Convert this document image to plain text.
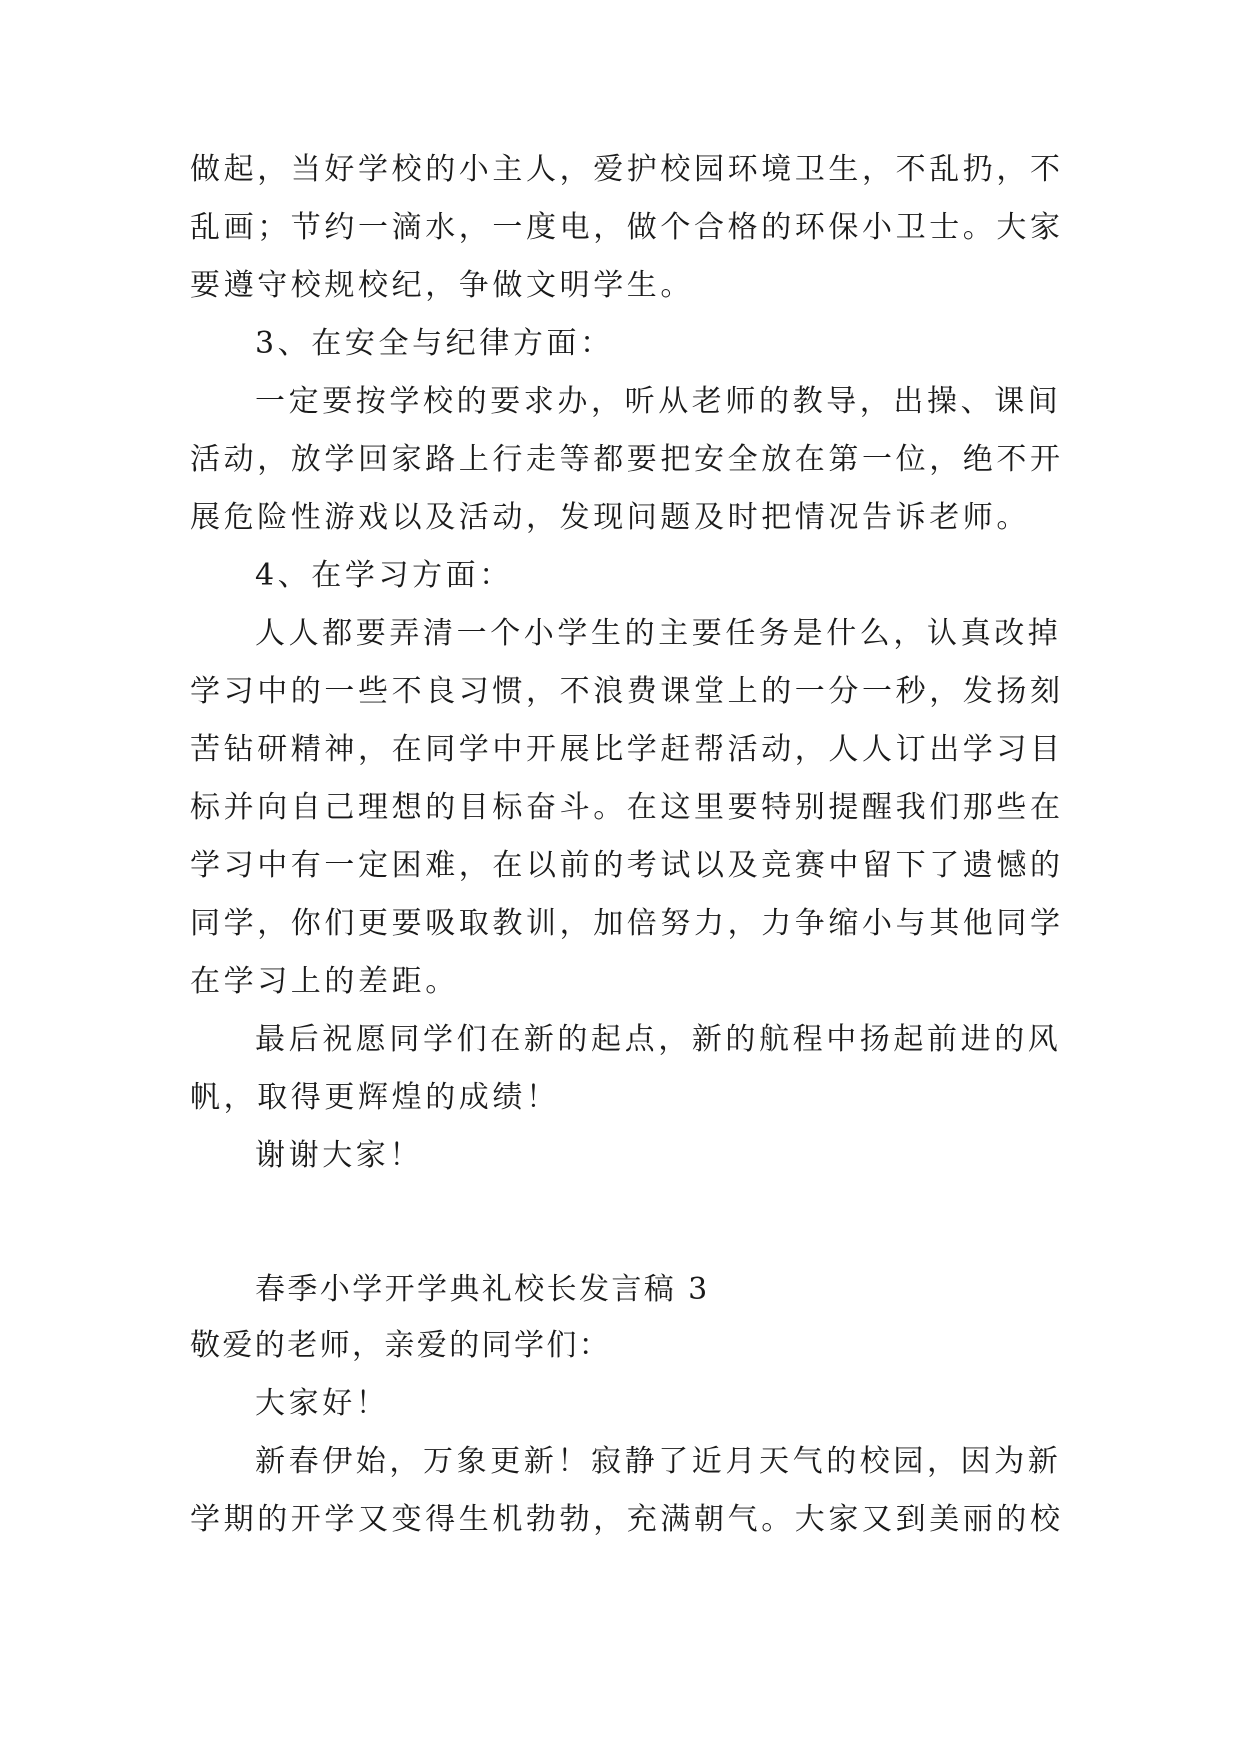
做起，当好学校的小主人，爱护校园环境卫生，不乱扔，不
乱画；节约一滴水，一度电，做个合格的环保小卫士。大家
要遵守校规校纪，争做文明学生。
3、在安全与纪律方面：
一定要按学校的要求办，听从老师的教导，出操、课间
活动，放学回家路上行走等都要把安全放在第一位，绝不开
展危险性游戏以及活动，发现问题及时把情况告诉老师。
4、在学习方面：
人人都要弄清一个小学生的主要任务是什么，认真改掉
学习中的一些不良习惯，不浪费课堂上的一分一秒，发扬刻
苦钻研精神，在同学中开展比学赶帮活动，人人订出学习目
标并向自己理想的目标奋斗。在这里要特别提醒我们那些在
学习中有一定困难，在以前的考试以及竞赛中留下了遗憾的
同学，你们更要吸取教训，加倍努力，力争缩小与其他同学
在学习上的差距。
最后祝愿同学们在新的起点，新的航程中扬起前进的风
帆，取得更辉煌的成绩！
谢谢大家！
春季小学开学典礼校长发言稿 3
敬爱的老师，亲爱的同学们：
大家好！
新春伊始，万象更新！寂静了近月天气的校园，因为新
学期的开学又变得生机勃勃，充满朝气。大家又到美丽的校
